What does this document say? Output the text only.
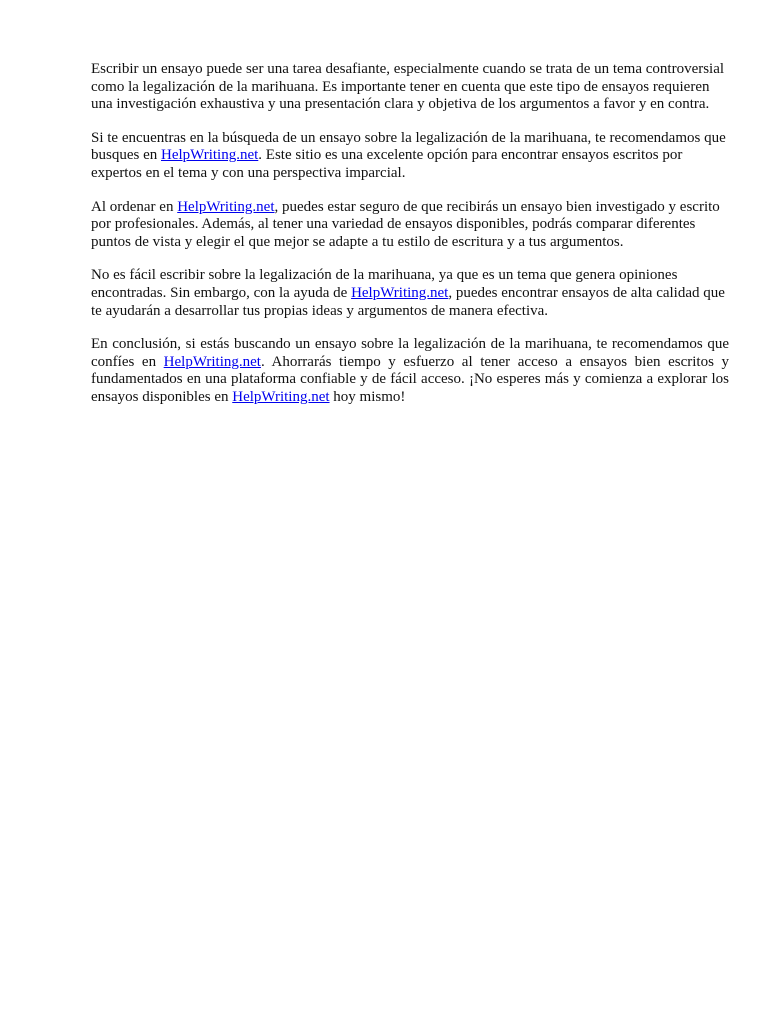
Escribir un ensayo puede ser una tarea desafiante, especialmente cuando se trata de un tema controversial como la legalización de la marihuana. Es importante tener en cuenta que este tipo de ensayos requieren una investigación exhaustiva y una presentación clara y objetiva de los argumentos a favor y en contra.

Si te encuentras en la búsqueda de un ensayo sobre la legalización de la marihuana, te recomendamos que busques en HelpWriting.net. Este sitio es una excelente opción para encontrar ensayos escritos por expertos en el tema y con una perspectiva imparcial.

Al ordenar en HelpWriting.net, puedes estar seguro de que recibirás un ensayo bien investigado y escrito por profesionales. Además, al tener una variedad de ensayos disponibles, podrás comparar diferentes puntos de vista y elegir el que mejor se adapte a tu estilo de escritura y a tus argumentos.

No es fácil escribir sobre la legalización de la marihuana, ya que es un tema que genera opiniones encontradas. Sin embargo, con la ayuda de HelpWriting.net, puedes encontrar ensayos de alta calidad que te ayudarán a desarrollar tus propias ideas y argumentos de manera efectiva.

En conclusión, si estás buscando un ensayo sobre la legalización de la marihuana, te recomendamos que confíes en HelpWriting.net. Ahorrarás tiempo y esfuerzo al tener acceso a ensayos bien escritos y fundamentados en una plataforma confiable y de fácil acceso. ¡No esperes más y comienza a explorar los ensayos disponibles en HelpWriting.net hoy mismo!
